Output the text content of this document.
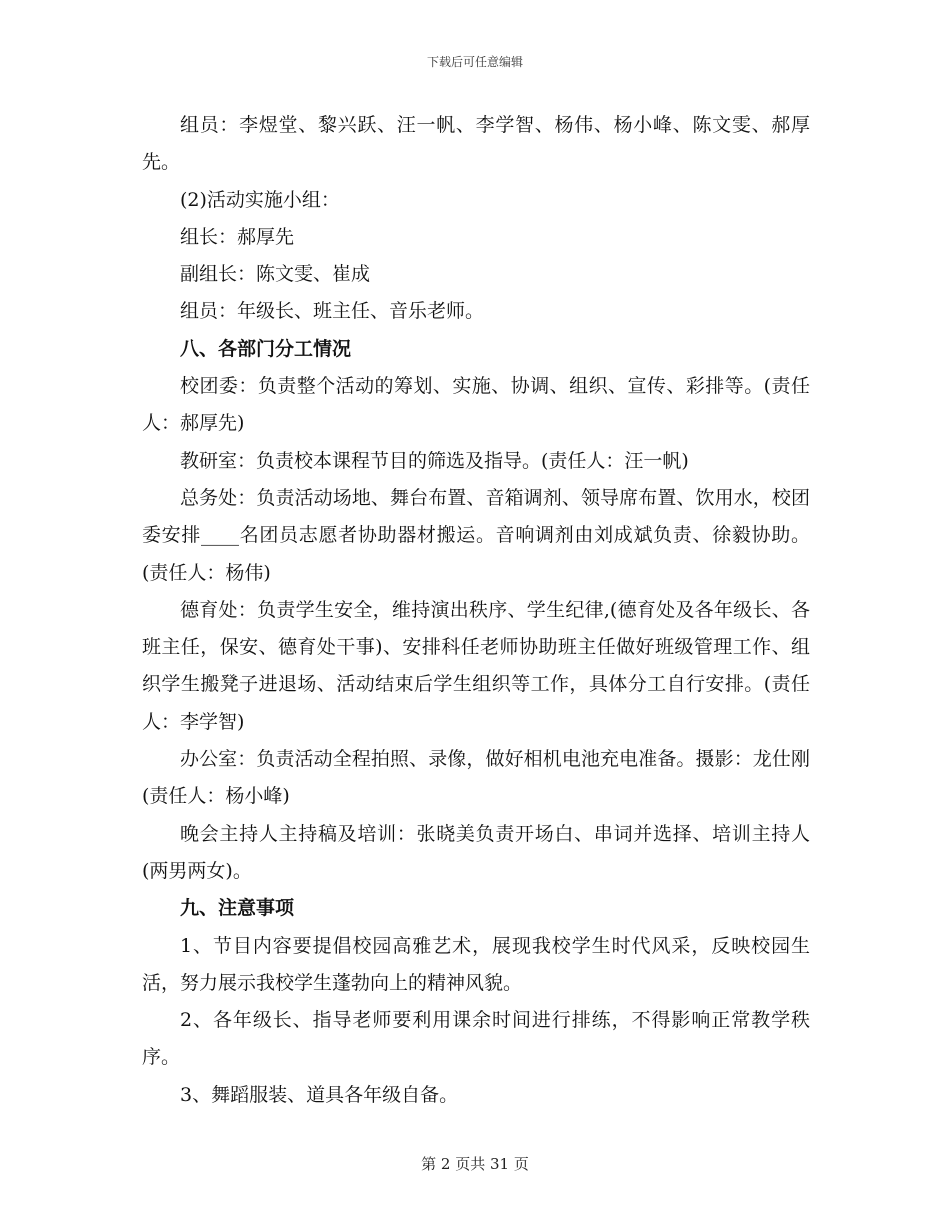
下载后可任意编辑

组员：李煜堂、黎兴跃、汪一帆、李学智、杨伟、杨小峰、陈文雯、郝厚先。

(2)活动实施小组：

组长：郝厚先

副组长：陈文雯、崔成

组员：年级长、班主任、音乐老师。

八、各部门分工情况

校团委：负责整个活动的筹划、实施、协调、组织、宣传、彩排等。(责任人：郝厚先)

教研室：负责校本课程节目的筛选及指导。(责任人：汪一帆)

总务处：负责活动场地、舞台布置、音箱调剂、领导席布置、饮用水，校团委安排____名团员志愿者协助器材搬运。音响调剂由刘成斌负责、徐毅协助。(责任人：杨伟)

德育处：负责学生安全，维持演出秩序、学生纪律,(德育处及各年级长、各班主任，保安、德育处干事)、安排科任老师协助班主任做好班级管理工作、组织学生搬凳子进退场、活动结束后学生组织等工作，具体分工自行安排。(责任人：李学智)

办公室：负责活动全程拍照、录像，做好相机电池充电准备。摄影：龙仕刚(责任人：杨小峰)

晚会主持人主持稿及培训：张晓美负责开场白、串词并选择、培训主持人(两男两女)。

九、注意事项

1、节目内容要提倡校园高雅艺术，展现我校学生时代风采，反映校园生活，努力展示我校学生蓬勃向上的精神风貌。

2、各年级长、指导老师要利用课余时间进行排练，不得影响正常教学秩序。

3、舞蹈服装、道具各年级自备。

第 2 页共 31 页
